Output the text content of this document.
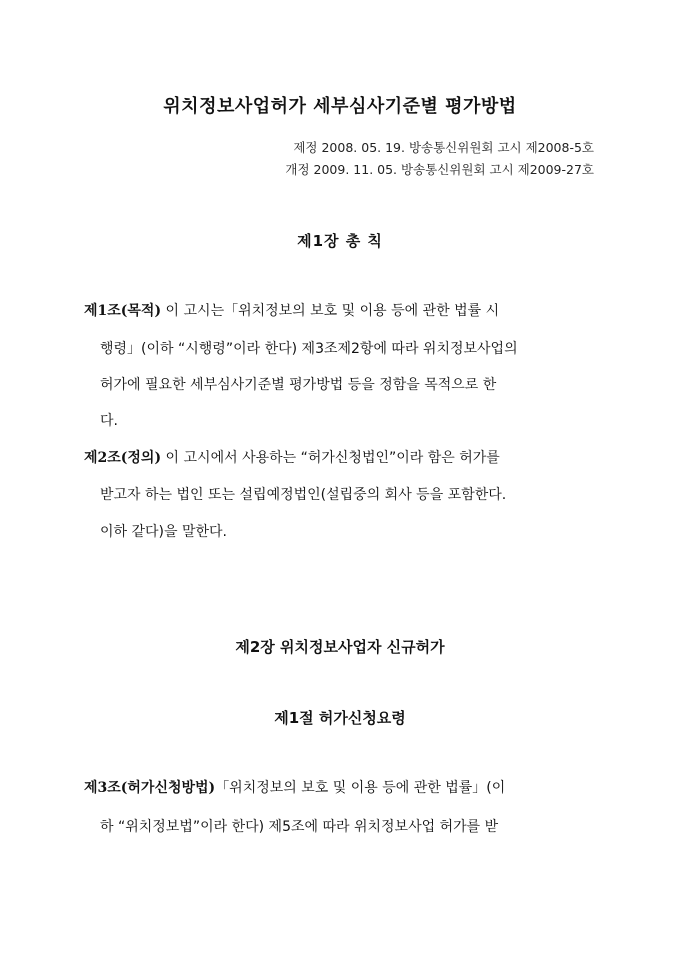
위치정보사업허가 세부심사기준별 평가방법
제정 2008. 05. 19. 방송통신위원회 고시 제2008-5호
개정 2009. 11. 05. 방송통신위원회 고시 제2009-27호
제1장 총 칙
제1조(목적) 이 고시는「위치정보의 보호 및 이용 등에 관한 법률 시
행령」(이하 “시행령”이라 한다) 제3조제2항에 따라 위치정보사업의
허가에 필요한 세부심사기준별 평가방법 등을 정함을 목적으로 한
다.
제2조(정의) 이 고시에서 사용하는 “허가신청법인”이라 함은 허가를
받고자 하는 법인 또는 설립예정법인(설립중의 회사 등을 포함한다.
이하 같다)을 말한다.
제2장 위치정보사업자 신규허가
제1절 허가신청요령
제3조(허가신청방법)「위치정보의 보호 및 이용 등에 관한 법률」(이
하 “위치정보법”이라 한다) 제5조에 따라 위치정보사업 허가를 받
